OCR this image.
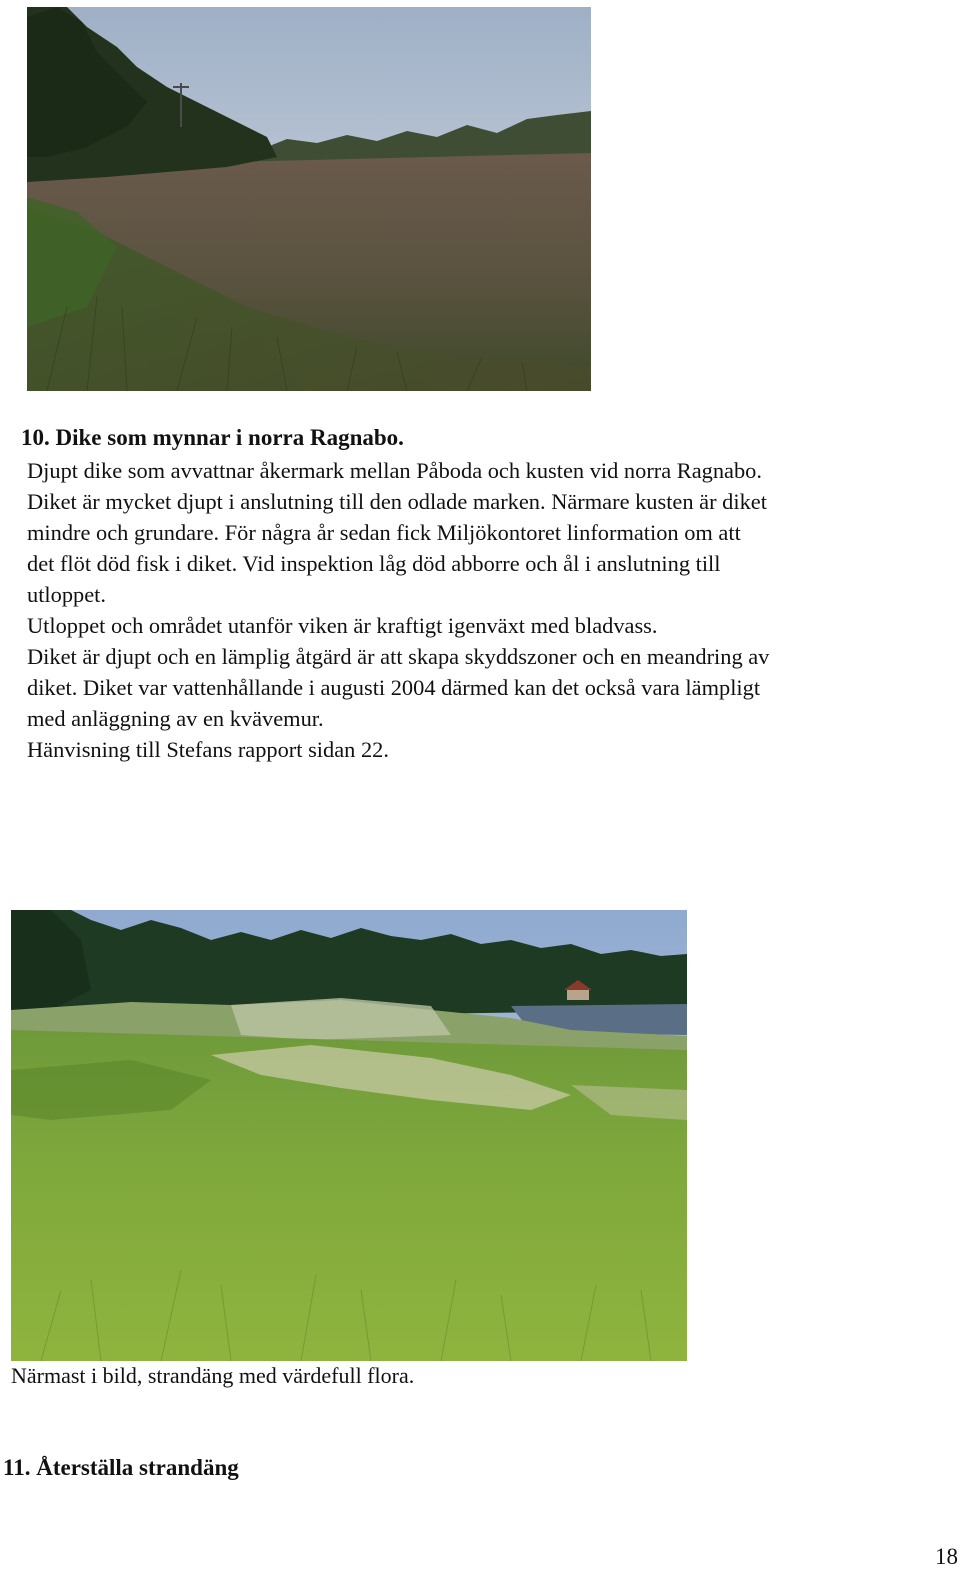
10. Dike som mynnar i norra Ragnabo.
Djupt dike som avvattnar åkermark mellan Påboda och kusten vid norra Ragnabo.
Diket är mycket djupt i anslutning till den odlade marken. Närmare kusten är diket
mindre och grundare. För några år sedan fick Miljökontoret linformation om att
det flöt död fisk i diket. Vid inspektion låg död abborre och ål i anslutning till
utloppet.
Utloppet och området utanför viken är kraftigt igenväxt med bladvass.
Diket är djupt och en lämplig åtgärd är att skapa skyddszoner och en meandring av
diket. Diket var vattenhållande i augusti 2004 därmed kan det också vara lämpligt
med anläggning av en kvävemur.
Hänvisning till Stefans rapport sidan 22.
Närmast i bild, strandäng med värdefull flora.
11. Återställa strandäng
18
